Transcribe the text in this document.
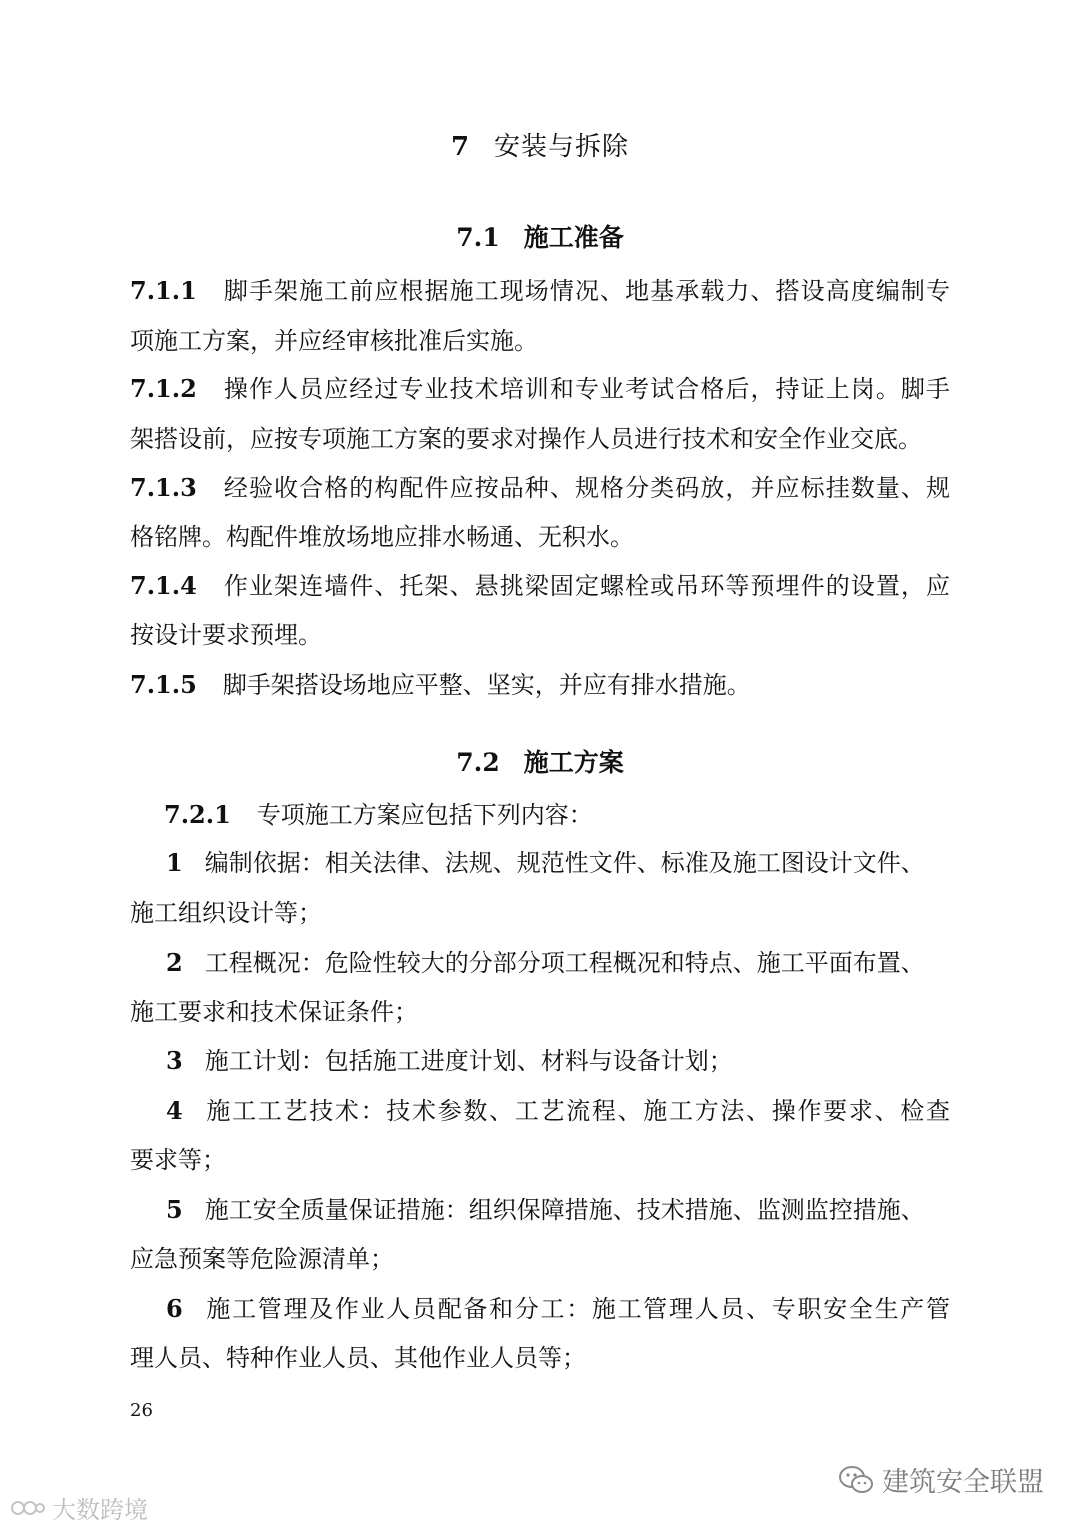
7 安装与拆除
7.1 施工准备
7.1.1 脚手架施工前应根据施工现场情况、地基承载力、搭设高度编制专
项施工方案，并应经审核批准后实施。
7.1.2 操作人员应经过专业技术培训和专业考试合格后，持证上岗。脚手
架搭设前，应按专项施工方案的要求对操作人员进行技术和安全作业交底。
7.1.3 经验收合格的构配件应按品种、规格分类码放，并应标挂数量、规
格铭牌。构配件堆放场地应排水畅通、无积水。
7.1.4 作业架连墙件、托架、悬挑梁固定螺栓或吊环等预埋件的设置，应
按设计要求预埋。
7.1.5 脚手架搭设场地应平整、坚实，并应有排水措施。
7.2 施工方案
7.2.1 专项施工方案应包括下列内容：
1 编制依据：相关法律、法规、规范性文件、标准及施工图设计文件、
施工组织设计等；
2 工程概况：危险性较大的分部分项工程概况和特点、施工平面布置、
施工要求和技术保证条件；
3 施工计划：包括施工进度计划、材料与设备计划；
4 施工工艺技术：技术参数、工艺流程、施工方法、操作要求、检查
要求等；
5 施工安全质量保证措施：组织保障措施、技术措施、监测监控措施、
应急预案等危险源清单；
6 施工管理及作业人员配备和分工：施工管理人员、专职安全生产管
理人员、特种作业人员、其他作业人员等；
26
建筑安全联盟
大数跨境
